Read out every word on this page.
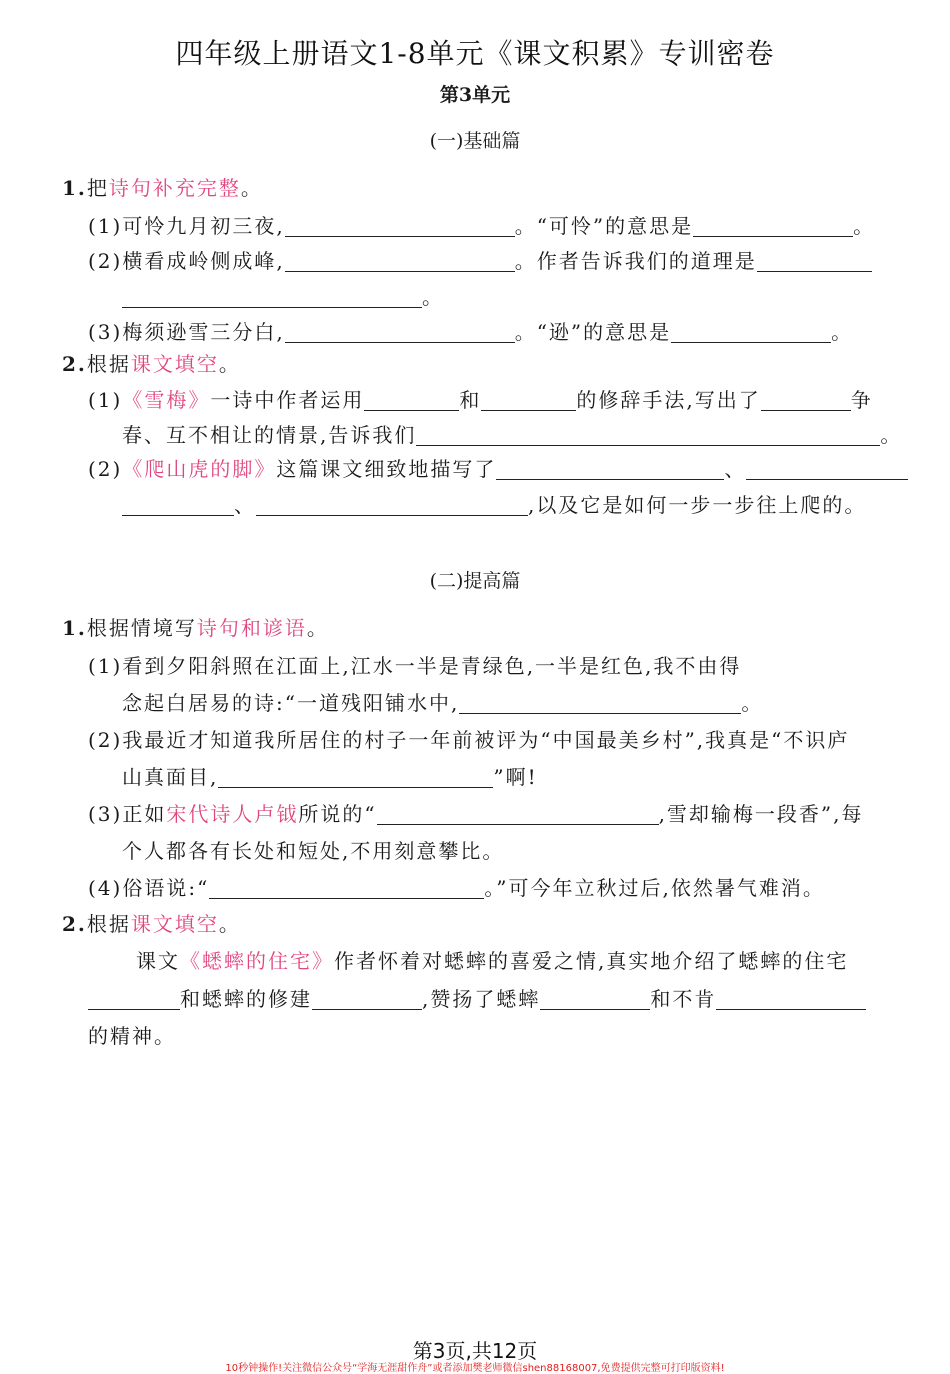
四年级上册语文1-8单元《课文积累》专训密卷
第3单元
(一)基础篇
1.把诗句补充完整。
(1)可怜九月初三夜,	。“可怜”的意思是	。
(2)横看成岭侧成峰,	。作者告诉我们的道理是
。
(3)梅须逊雪三分白,	。“逊”的意思是	。
2.根据课文填空。
(1)《雪梅》一诗中作者运用	和	的修辞手法,写出了	争
春、互不相让的情景,告诉我们	。
(2)《爬山虎的脚》这篇课文细致地描写了	、
、	,以及它是如何一步一步往上爬的。
(二)提高篇
1.根据情境写诗句和谚语。
(1)看到夕阳斜照在江面上,江水一半是青绿色,一半是红色,我不由得
念起白居易的诗:“一道残阳铺水中,	。
(2)我最近才知道我所居住的村子一年前被评为“中国最美乡村”,我真是“不识庐
山真面目,	”啊!
(3)正如宋代诗人卢钺所说的“	,雪却输梅一段香”,每
个人都各有长处和短处,不用刻意攀比。
(4)俗语说:“	。”可今年立秋过后,依然暑气难消。
2.根据课文填空。
课文《蟋蟀的住宅》作者怀着对蟋蟀的喜爱之情,真实地介绍了蟋蟀的住宅
和蟋蟀的修建	,赞扬了蟋蟀	和不肯
的精神。
第3页,共12页
10秒钟操作!关注微信公众号“学海无涯甜作舟”或者添加樊老师微信shen88168007,免费提供完整可打印版资料!
